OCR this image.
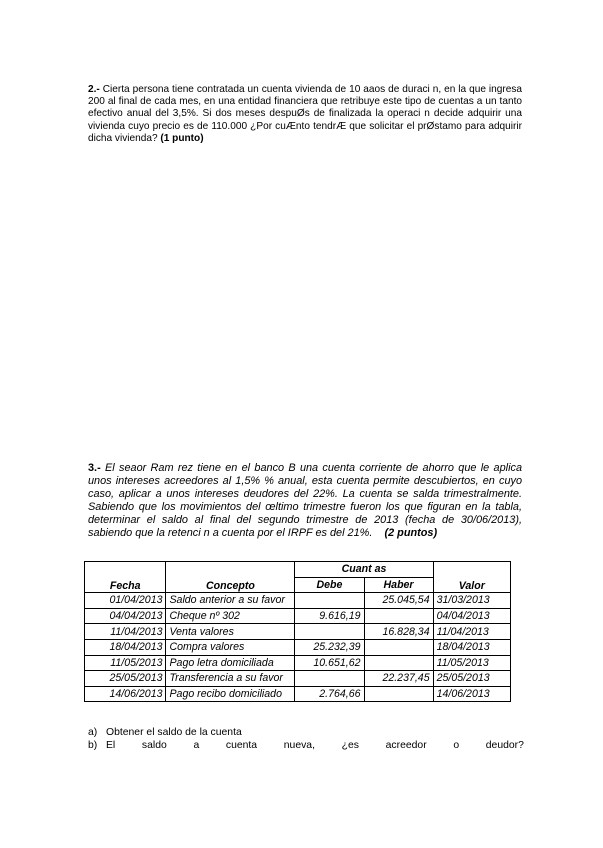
2.- Cierta persona tiene contratada un cuenta vivienda de 10 aaos de duraci n, en la que ingresa 200 al final de cada mes, en una entidad financiera que retribuye este tipo de cuentas a un tanto efectivo anual del 3,5%. Si dos meses despuØs de finalizada la operaci n decide adquirir una vivienda cuyo precio es de 110.000 ¿Por cuÆnto tendrÆ que solicitar el prØstamo para adquirir dicha vivienda? (1 punto)
3.- El seaor Ram rez tiene en el banco B una cuenta corriente de ahorro que le aplica unos intereses acreedores al 1,5% % anual, esta cuenta permite descubiertos, en cuyo caso, aplicar a unos intereses deudores del 22%. La cuenta se salda trimestralmente. Sabiendo que los movimientos del œltimo trimestre fueron los que figuran en la tabla, determinar el saldo al final del segundo trimestre de 2013 (fecha de 30/06/2013), sabiendo que la retenci n a cuenta por el IRPF es del 21%. (2 puntos)
Fecha	Concepto	Cuant as		Valor
		Debe	Haber	
01/04/2013	Saldo anterior a su favor		25.045,54	31/03/2013
04/04/2013	Cheque nº 302	9.616,19		04/04/2013
11/04/2013	Venta valores		16.828,34	11/04/2013
18/04/2013	Compra valores	25.232,39		18/04/2013
11/05/2013	Pago letra domiciliada	10.651,62		11/05/2013
25/05/2013	Transferencia a su favor		22.237,45	25/05/2013
14/06/2013	Pago recibo domiciliado	2.764,66		14/06/2013
a) Obtener el saldo de la cuenta
b) El	saldo	a	cuenta	nueva,	¿es	acreedor	o	deudor?
